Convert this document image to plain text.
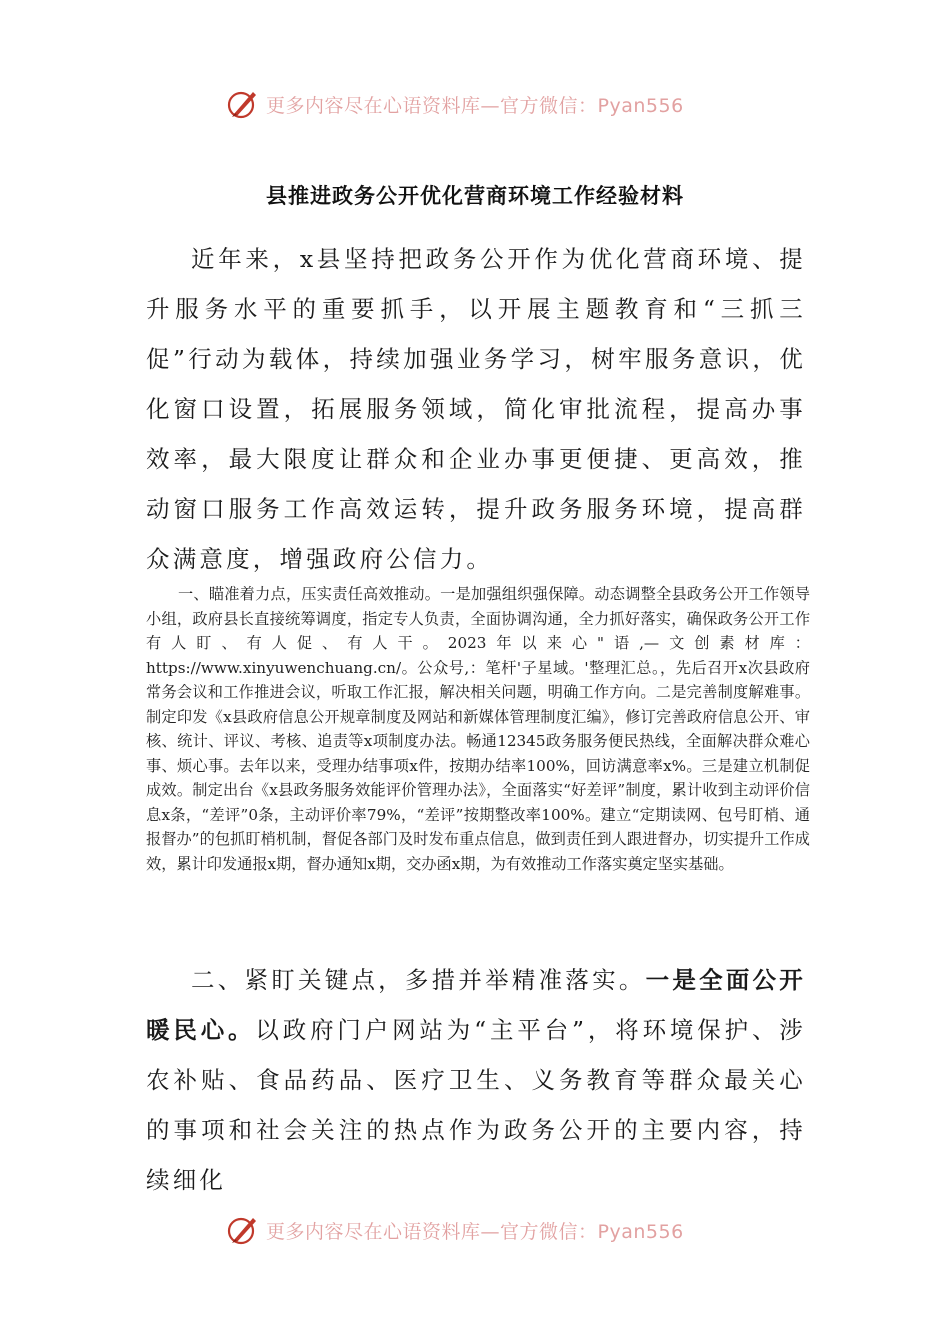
更多内容尽在心语资料库—官方微信：Pyan556
县推进政务公开优化营商环境工作经验材料

近年来，x县坚持把政务公开作为优化营商环境、提升服务水平的重要抓手，以开展主题教育和“三抓三促”行动为载体，持续加强业务学习，树牢服务意识，优化窗口设置，拓展服务领域，简化审批流程，提高办事效率，最大限度让群众和企业办事更便捷、更高效，推动窗口服务工作高效运转，提升政务服务环境，提高群众满意度，增强政府公信力。

一、瞄准着力点，压实责任高效推动。一是加强组织强保障。动态调整全县政务公开工作领导小组，政府县长直接统筹调度，指定专人负责，全面协调沟通，全力抓好落实，确保政务公开工作有人盯、有人促、有人干。2023年以来心"语,—文创素材库：https://www.xinyuwenchuang.cn/。公众号,：笔杆'子星域。'整理汇总。，先后召开x次县政府常务会议和工作推进会议，听取工作汇报，解决相关问题，明确工作方向。二是完善制度解难事。制定印发《x县政府信息公开规章制度及网站和新媒体管理制度汇编》，修订完善政府信息公开、审核、统计、评议、考核、追责等x项制度办法。畅通12345政务服务便民热线，全面解决群众难心事、烦心事。去年以来，受理办结事项x件，按期办结率100%，回访满意率x%。三是建立机制促成效。制定出台《x县政务服务效能评价管理办法》，全面落实“好差评”制度，累计收到主动评价信息x条，“差评”0条，主动评价率79%，“差评”按期整改率100%。建立“定期读网、包号盯梢、通报督办”的包抓盯梢机制，督促各部门及时发布重点信息，做到责任到人跟进督办，切实提升工作成效，累计印发通报x期，督办通知x期，交办函x期，为有效推动工作落实奠定坚实基础。

二、紧盯关键点，多措并举精准落实。一是全面公开暖民心。以政府门户网站为“主平台”，将环境保护、涉农补贴、食品药品、医疗卫生、义务教育等群众最关心的事项和社会关注的热点作为政务公开的主要内容，持续细化

更多内容尽在心语资料库—官方微信：Pyan556
